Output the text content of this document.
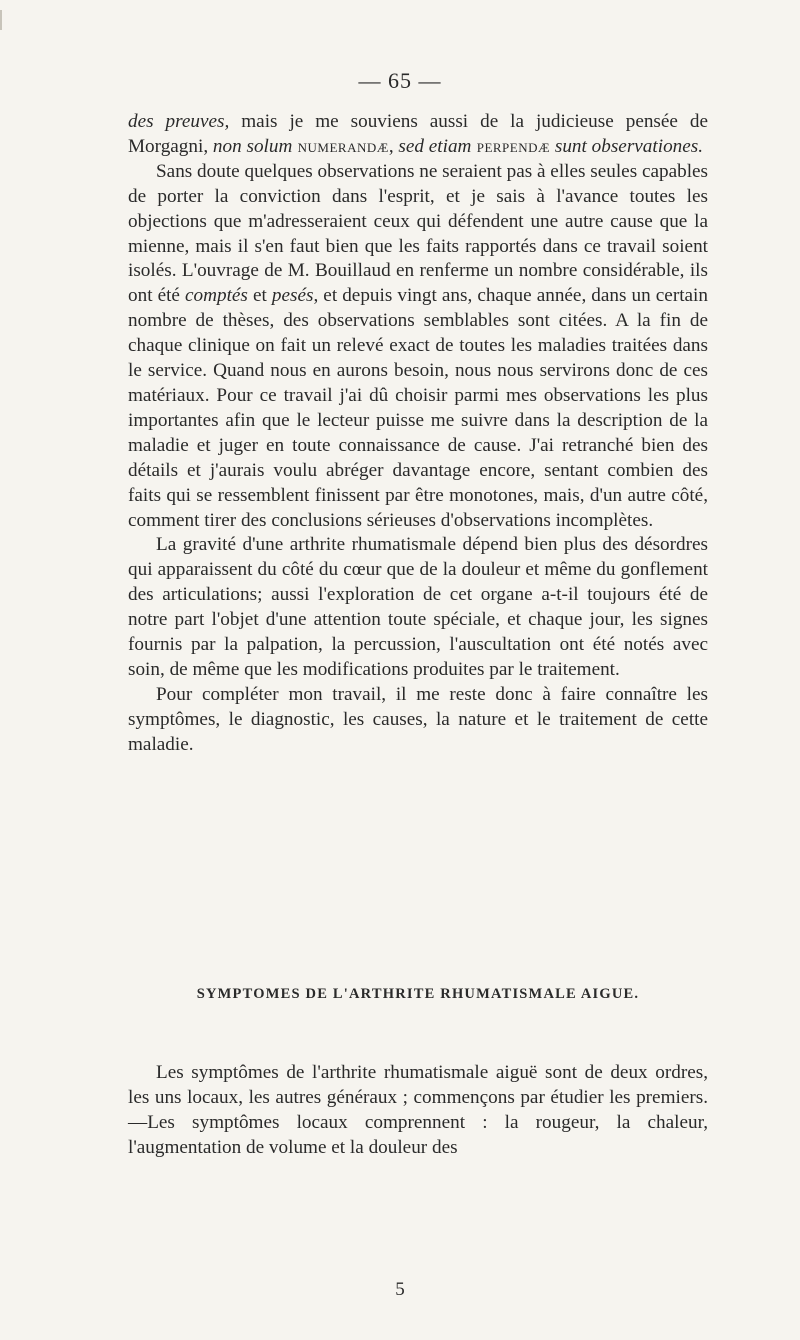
— 65 —

des preuves, mais je me souviens aussi de la judicieuse pensée de Morgagni, non solum numerandæ, sed etiam perpendæ sunt observationes.

Sans doute quelques observations ne seraient pas à elles seules capables de porter la conviction dans l'esprit, et je sais à l'avance toutes les objections que m'adresseraient ceux qui défendent une autre cause que la mienne, mais il s'en faut bien que les faits rapportés dans ce travail soient isolés. L'ouvrage de M. Bouillaud en renferme un nombre considérable, ils ont été comptés et pesés, et depuis vingt ans, chaque année, dans un certain nombre de thèses, des observations semblables sont citées. A la fin de chaque clinique on fait un relevé exact de toutes les maladies traitées dans le service. Quand nous en aurons besoin, nous nous servirons donc de ces matériaux. Pour ce travail j'ai dû choisir parmi mes observations les plus importantes afin que le lecteur puisse me suivre dans la description de la maladie et juger en toute connaissance de cause. J'ai retranché bien des détails et j'aurais voulu abréger davantage encore, sentant combien des faits qui se ressemblent finissent par être monotones, mais, d'un autre côté, comment tirer des conclusions sérieuses d'observations incomplètes.

La gravité d'une arthrite rhumatismale dépend bien plus des désordres qui apparaissent du côté du cœur que de la douleur et même du gonflement des articulations; aussi l'exploration de cet organe a-t-il toujours été de notre part l'objet d'une attention toute spéciale, et chaque jour, les signes fournis par la palpation, la percussion, l'auscultation ont été notés avec soin, de même que les modifications produites par le traitement.

Pour compléter mon travail, il me reste donc à faire connaître les symptômes, le diagnostic, les causes, la nature et le traitement de cette maladie.

SYMPTOMES DE L'ARTHRITE RHUMATISMALE AIGUE.

Les symptômes de l'arthrite rhumatismale aiguë sont de deux ordres, les uns locaux, les autres généraux ; commençons par étudier les premiers. —Les symptômes locaux comprennent : la rougeur, la chaleur, l'augmentation de volume et la douleur des

5
